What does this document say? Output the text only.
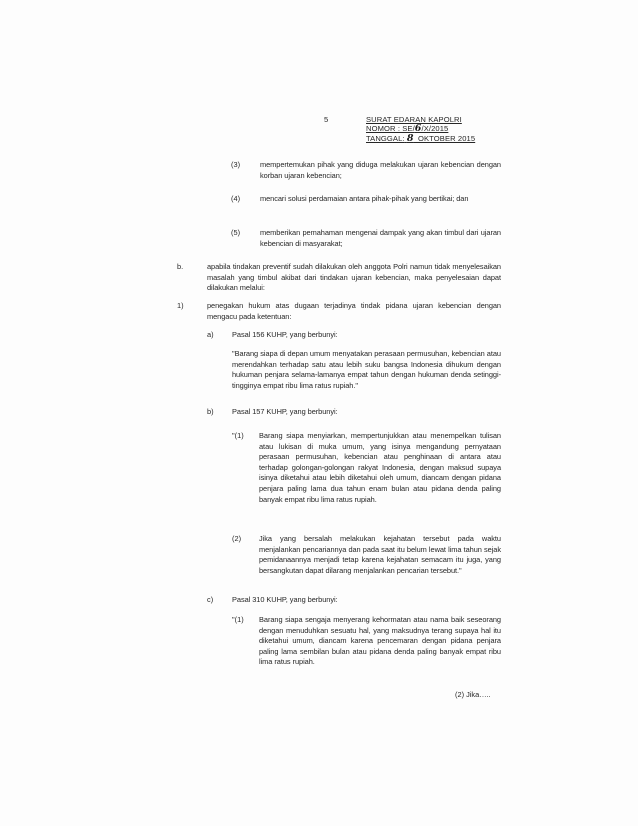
5	SURAT EDARAN KAPOLRI
NOMOR : SE/6/X/2015
TANGGAL: 8 OKTOBER 2015
(3)	mempertemukan pihak yang diduga melakukan ujaran kebencian dengan korban ujaran kebencian;
(4)	mencari solusi perdamaian antara pihak-pihak yang bertikai; dan
(5)	memberikan pemahaman mengenai dampak yang akan timbul dari ujaran kebencian di masyarakat;
b.	apabila tindakan preventif sudah dilakukan oleh anggota Polri namun tidak menyelesaikan masalah yang timbul akibat dari tindakan ujaran kebencian, maka penyelesaian dapat dilakukan melalui:
1)	penegakan hukum atas dugaan terjadinya tindak pidana ujaran kebencian dengan mengacu pada ketentuan:
a) Pasal 156 KUHP, yang berbunyi:
"Barang siapa di depan umum menyatakan perasaan permusuhan, kebencian atau merendahkan terhadap satu atau lebih suku bangsa Indonesia dihukum dengan hukuman penjara selama-lamanya empat tahun dengan hukuman denda setinggi-tingginya empat ribu lima ratus rupiah."
b) Pasal 157 KUHP, yang berbunyi:
"(1) Barang siapa menyiarkan, mempertunjukkan atau menempelkan tulisan atau lukisan di muka umum, yang isinya mengandung pernyataan perasaan permusuhan, kebencian atau penghinaan di antara atau terhadap golongan-golongan rakyat Indonesia, dengan maksud supaya isinya diketahui atau lebih diketahui oleh umum, diancam dengan pidana penjara paling lama dua tahun enam bulan atau pidana denda paling banyak empat ribu lima ratus rupiah.
(2) Jika yang bersalah melakukan kejahatan tersebut pada waktu menjalankan pencariannya dan pada saat itu belum lewat lima tahun sejak pemidanaannya menjadi tetap karena kejahatan semacam itu juga, yang bersangkutan dapat dilarang menjalankan pencarian tersebut."
c)	Pasal 310 KUHP, yang berbunyi:
"(1) Barang siapa sengaja menyerang kehormatan atau nama baik seseorang dengan menuduhkan sesuatu hal, yang maksudnya terang supaya hal itu diketahui umum, diancam karena pencemaran dengan pidana penjara paling lama sembilan bulan atau pidana denda paling banyak empat ribu lima ratus rupiah.
(2) Jika…..
